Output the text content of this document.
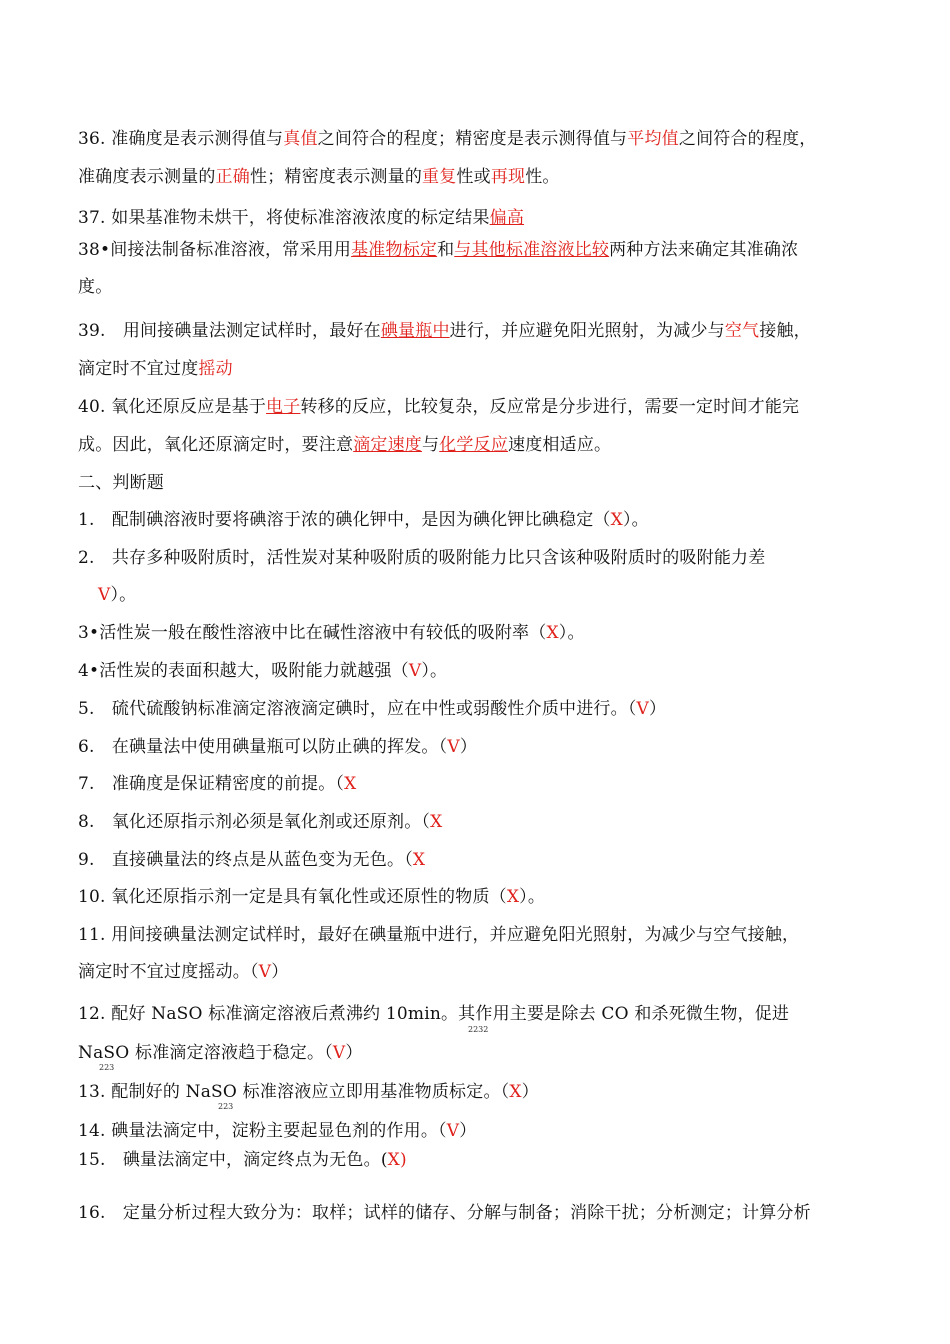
36. 准确度是表示测得值与真值之间符合的程度；精密度是表示测得值与平均值之间符合的程度，
准确度表示测量的正确性；精密度表示测量的重复性或再现性。
37. 如果基准物未烘干，将使标准溶液浓度的标定结果偏高
38•间接法制备标准溶液，常采用用基准物标定和与其他标准溶液比较两种方法来确定其准确浓
度。
39.　用间接碘量法测定试样时，最好在碘量瓶中进行，并应避免阳光照射，为减少与空气接触，
滴定时不宜过度摇动
40. 氧化还原反应是基于电子转移的反应，比较复杂，反应常是分步进行，需要一定时间才能完
成。因此，氧化还原滴定时，要注意滴定速度与化学反应速度相适应。
二、判断题
1.　配制碘溶液时要将碘溶于浓的碘化钾中，是因为碘化钾比碘稳定（X）。
2.　共存多种吸附质时，活性炭对某种吸附质的吸附能力比只含该种吸附质时的吸附能力差
V）。
3•活性炭一般在酸性溶液中比在碱性溶液中有较低的吸附率（X）。
4•活性炭的表面积越大，吸附能力就越强（V）。
5.　硫代硫酸钠标准滴定溶液滴定碘时，应在中性或弱酸性介质中进行。（V）
6.　在碘量法中使用碘量瓶可以防止碘的挥发。（V）
7.　准确度是保证精密度的前提。（X
8.　氧化还原指示剂必须是氧化剂或还原剂。（X
9.　直接碘量法的终点是从蓝色变为无色。（X
10. 氧化还原指示剂一定是具有氧化性或还原性的物质（X）。
11. 用间接碘量法测定试样时，最好在碘量瓶中进行，并应避免阳光照射，为减少与空气接触，
滴定时不宜过度摇动。（V）
12. 配好 NaSO 标准滴定溶液后煮沸约 10min。其作用主要是除去 CO 和杀死微生物，促进
2232
NaSO 标准滴定溶液趋于稳定。（V）
223
13. 配制好的 NaSO 标准溶液应立即用基准物质标定。（X）
223
14. 碘量法滴定中，淀粉主要起显色剂的作用。（V）
15.　碘量法滴定中，滴定终点为无色。(X)
16.　定量分析过程大致分为：取样；试样的储存、分解与制备；消除干扰；分析测定；计算分析
